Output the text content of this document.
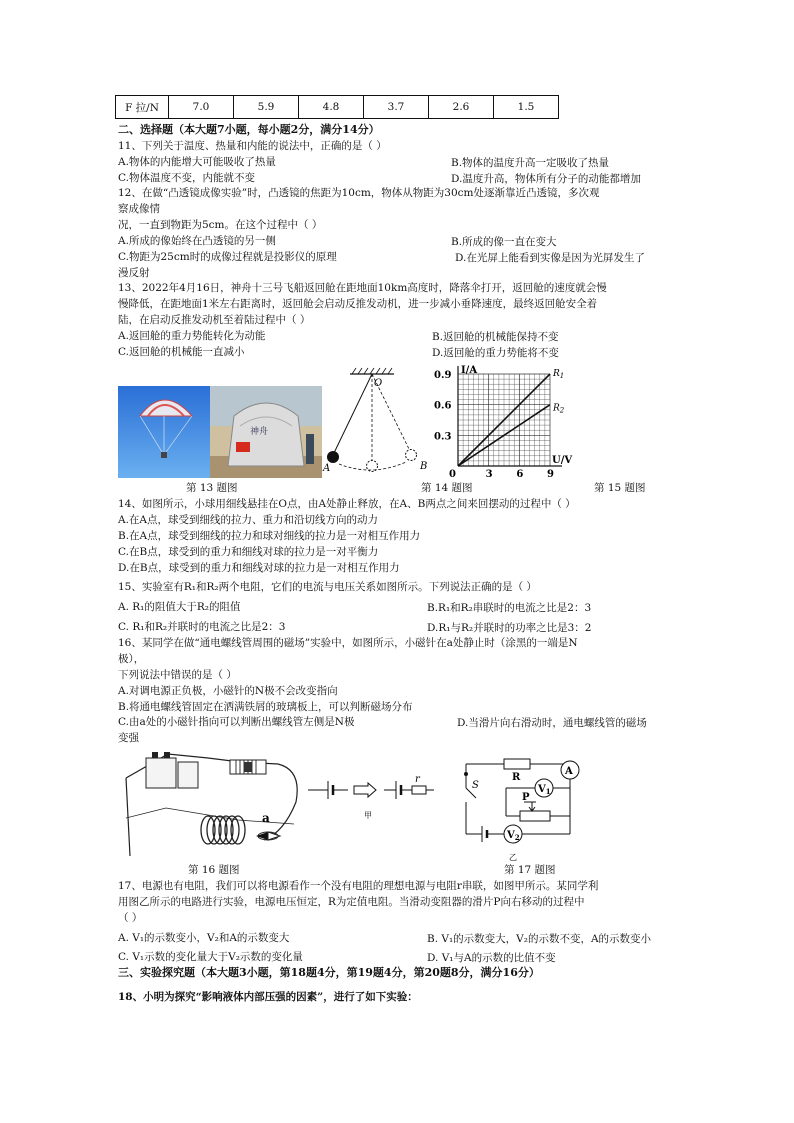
F 拉/N	7.0	5.9	4.8	3.7	2.6	1.5
二、选择题（本大题7小题，每小题2分，满分14分）
11、下列关于温度、热量和内能的说法中，正确的是（ ）
A.物体的内能增大可能吸收了热量	B.物体的温度升高一定吸收了热量
C.物体温度不变，内能就不变	D.温度升高，物体所有分子的动能都增加
12、在做“凸透镜成像实验”时，凸透镜的焦距为10cm，物体从物距为30cm处逐渐靠近凸透镜，多次观
察成像情
况，一直到物距为5cm。在这个过程中（ ）
A.所成的像始终在凸透镜的另一侧	B.所成的像一直在变大
C.物距为25cm时的成像过程就是投影仪的原理	D.在光屏上能看到实像是因为光屏发生了
漫反射
13、2022年4月16日，神舟十三号飞船返回舱在距地面10km高度时，降落伞打开，返回舱的速度就会慢
慢降低，在距地面1米左右距离时，返回舱会启动反推发动机，进一步减小垂降速度，最终返回舱安全着
陆，在启动反推发动机至着陆过程中（ ）
A.返回舱的重力势能转化为动能	B.返回舱的机械能保持不变
C.返回舱的机械能一直减小	D.返回舱的重力势能将不变
神舟
O
A	B
I/A
U/V
0	3 6 9
0.3
0.6
0.9	$R_1$
$R_2$
第 13 题图	第 14 题图	第 15 题图
14、如图所示，小球用细线悬挂在O点，由A处静止释放，在A、B两点之间来回摆动的过程中（ ）
A.在A点，球受到细线的拉力、重力和沿切线方向的动力
B.在A点，球受到细线的拉力和球对细线的拉力是一对相互作用力
C.在B点，球受到的重力和细线对球的拉力是一对平衡力
D.在B点，球受到的重力和细线对球的拉力是一对相互作用力
15、实验室有R₁和R₂两个电阻，它们的电流与电压关系如图所示。下列说法正确的是（ ）
A. R₁的阻值大于R₂的阻值	B.R₁和R₂串联时的电流之比是2：3
C. R₁和R₂并联时的电流之比是2：3	D.R₁与R₂并联时的功率之比是3：2
16、某同学在做“通电螺线管周围的磁场”实验中，如图所示，小磁针在a处静止时（涂黑的一端是N
极），
下列说法中错误的是（ ）
A.对调电源正负极，小磁针的N极不会改变指向
B.将通电螺线管固定在洒满铁屑的玻璃板上，可以判断磁场分布
C.由a处的小磁针指向可以判断出螺线管左侧是N极	D.当滑片向右滑动时，通电螺线管的磁场
变强
a
r
甲
R
A
S
$V_2$
乙
$V_1$
P
第 16 题图	第 17 题图
17、电源也有电阻，我们可以将电源看作一个没有电阻的理想电源与电阻r串联，如图甲所示。某同学利
用图乙所示的电路进行实验，电源电压恒定，R为定值电阻。当滑动变阻器的滑片P向右移动的过程中
（ ）
A. V₁的示数变小，V₂和A的示数变大	B. V₁的示数变大，V₂的示数不变，A的示数变小
C. V₁示数的变化量大于V₂示数的变化量	D. V₁与A的示数的比值不变
三、实验探究题（本大题3小题，第18题4分，第19题4分，第20题8分，满分16分）
18、小明为探究“影响液体内部压强的因素”，进行了如下实验：
